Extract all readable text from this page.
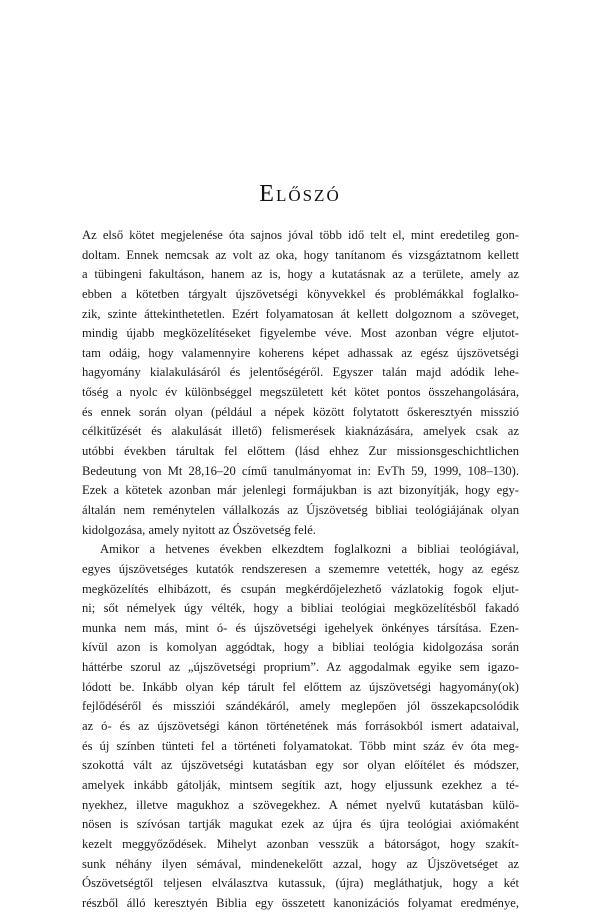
Előszó
Az első kötet megjelenése óta sajnos jóval több idő telt el, mint eredetileg gon-
doltam. Ennek nemcsak az volt az oka, hogy tanítanom és vizsgáztatnom kellett
a tübingeni fakultáson, hanem az is, hogy a kutatásnak az a területe, amely az
ebben a kötetben tárgyalt újszövetségi könyvekkel és problémákkal foglalko-
zik, szinte áttekinthetetlen. Ezért folyamatosan át kellett dolgoznom a szöveget,
mindig újabb megközelítéseket figyelembe véve. Most azonban végre eljutot-
tam odáig, hogy valamennyire koherens képet adhassak az egész újszövetségi
hagyomány kialakulásáról és jelentőségéről. Egyszer talán majd adódik lehe-
tőség a nyolc év különbséggel megszületett két kötet pontos összehangolására,
és ennek során olyan (például a népek között folytatott őskeresztyén misszió
célkitűzését és alakulását illető) felismerések kiaknázására, amelyek csak az
utóbbi években tárultak fel előttem (lásd ehhez Zur missionsgeschichtlichen
Bedeutung von Mt 28,16–20 című tanulmányomat in: EvTh 59, 1999, 108–130).
Ezek a kötetek azonban már jelenlegi formájukban is azt bizonyítják, hogy egy-
általán nem reménytelen vállalkozás az Újszövetség bibliai teológiájának olyan
kidolgozása, amely nyitott az Ószövetség felé.
Amikor a hetvenes években elkezdtem foglalkozni a bibliai teológiával,
egyes újszövetséges kutatók rendszeresen a szememre vetették, hogy az egész
megközelítés elhibázott, és csupán megkérdőjelezhető vázlatokig fogok eljut-
ni; sőt némelyek úgy vélték, hogy a bibliai teológiai megközelítésből fakadó
munka nem más, mint ó- és újszövetségi igehelyek önkényes társítása. Ezen-
kívül azon is komolyan aggódtak, hogy a bibliai teológia kidolgozása során
háttérbe szorul az „újszövetségi proprium”. Az aggodalmak egyike sem igazo-
lódott be. Inkább olyan kép tárult fel előttem az újszövetségi hagyomány(ok)
fejlődéséről és missziói szándékáról, amely meglepően jól összekapcsolódik
az ó- és az újszövetségi kánon történetének más forrásokból ismert adataival,
és új színben tünteti fel a történeti folyamatokat. Több mint száz év óta meg-
szokottá vált az újszövetségi kutatásban egy sor olyan előítélet és módszer,
amelyek inkább gátolják, mintsem segítik azt, hogy eljussunk ezekhez a té-
nyekhez, illetve magukhoz a szövegekhez. A német nyelvű kutatásban külö-
nösen is szívósan tartják magukat ezek az újra és újra teológiai axiómaként
kezelt meggyőződések. Mihelyt azonban vesszük a bátorságot, hogy szakít-
sunk néhány ilyen sémával, mindenekelőtt azzal, hogy az Újszövetséget az
Ószövetségtől teljesen elválasztva kutassuk, (újra) megláthatjuk, hogy a két
részből álló keresztyén Biblia egy összetett kanonizációs folyamat eredménye,
